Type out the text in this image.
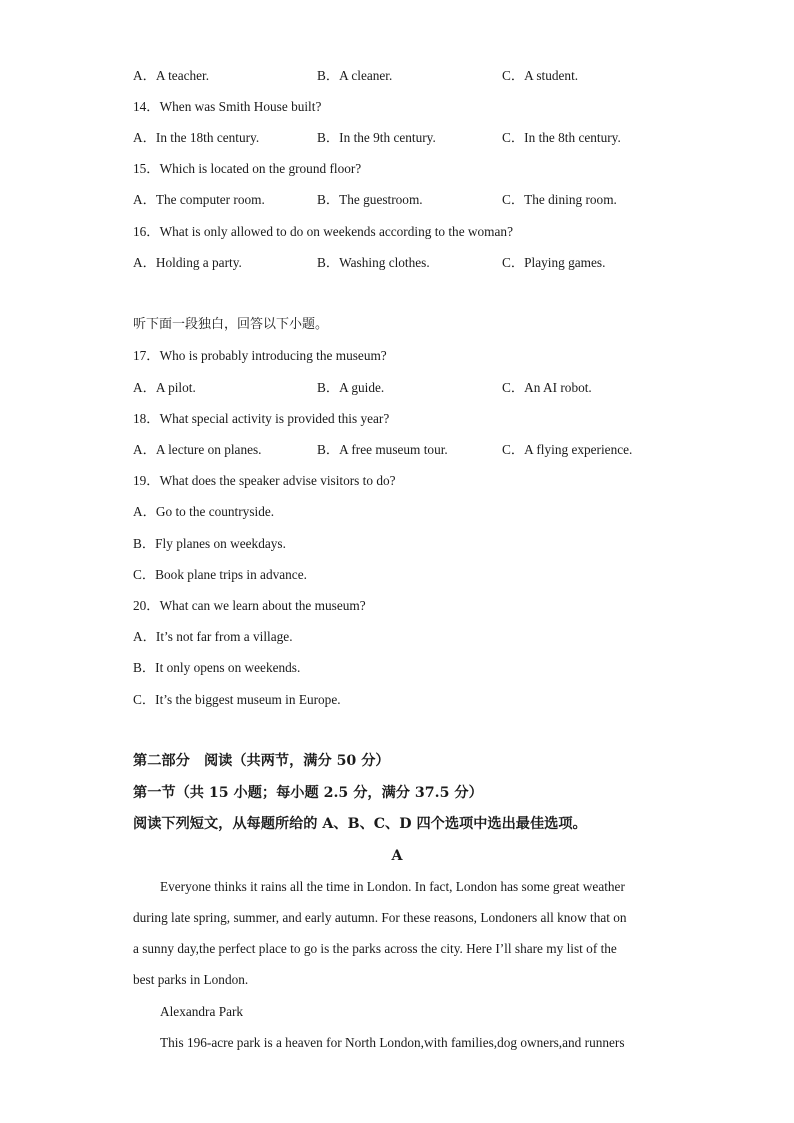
A．A teacher.	B．A cleaner.	C．A student.
14．When was Smith House built?
A．In the 18th century.	B．In the 9th century.	C．In the 8th century.
15．Which is located on the ground floor?
A．The computer room.	B．The guestroom.	C．The dining room.
16．What is only allowed to do on weekends according to the woman?
A．Holding a party.	B．Washing clothes.	C．Playing games.
听下面一段独白，回答以下小题。
17．Who is probably introducing the museum?
A．A pilot.	B．A guide.	C．An AI robot.
18．What special activity is provided this year?
A．A lecture on planes.	B．A free museum tour.	C．A flying experience.
19．What does the speaker advise visitors to do?
A．Go to the countryside.
B．Fly planes on weekdays.
C．Book plane trips in advance.
20．What can we learn about the museum?
A．It’s not far from a village.
B．It only opens on weekends.
C．It’s the biggest museum in Europe.
第二部分　阅读（共两节，满分 50 分）
第一节（共 15 小题；每小题 2.5 分，满分 37.5 分）
阅读下列短文，从每题所给的 A、B、C、D 四个选项中选出最佳选项。
A
Everyone thinks it rains all the time in London. In fact, London has some great weather
during late spring, summer, and early autumn. For these reasons, Londoners all know that on
a sunny day,the perfect place to go is the parks across the city. Here I’ll share my list of the
best parks in London.
Alexandra Park
This 196-acre park is a heaven for North London,with families,dog owners,and runners
